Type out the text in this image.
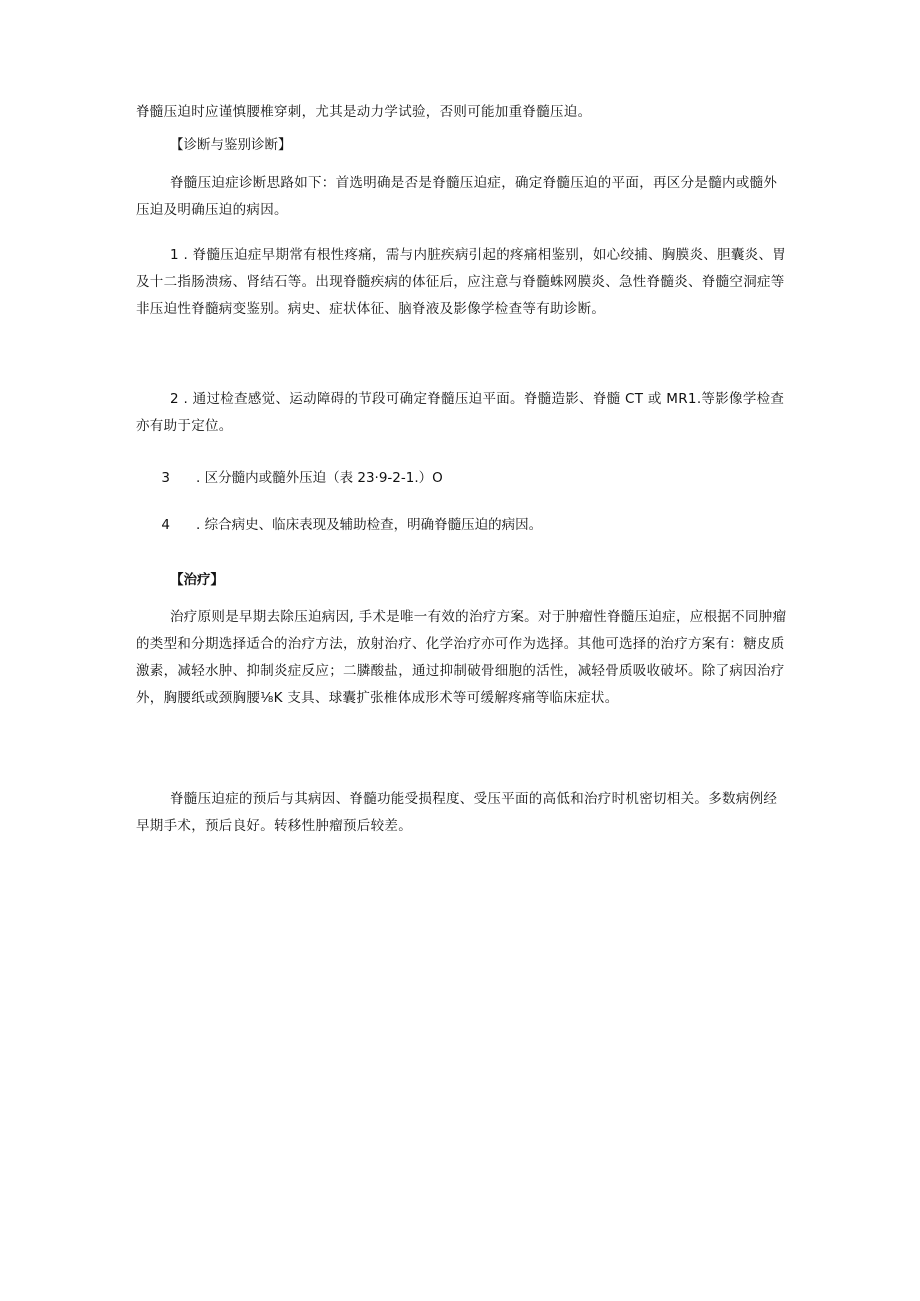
脊髓压迫时应谨慎腰椎穿刺，尤其是动力学试验，否则可能加重脊髓压迫。

【诊断与鉴别诊断】

脊髓压迫症诊断思路如下：首选明确是否是脊髓压迫症，确定脊髓压迫的平面，再区分是髓内或髓外压迫及明确压迫的病因。

1 . 脊髓压迫症早期常有根性疼痛，需与内脏疾病引起的疼痛相鉴别，如心绞捕、胸膜炎、胆囊炎、胃及十二指肠溃疡、肾结石等。出现脊髓疾病的体征后，应注意与脊髓蛛网膜炎、急性脊髓炎、脊髓空洞症等非压迫性脊髓病变鉴别。病史、症状体征、脑脊液及影像学检查等有助诊断。

2 . 通过检查感觉、运动障碍的节段可确定脊髓压迫平面。脊髓造影、脊髓 CT 或 MR1.等影像学检查亦有助于定位。

3 . 区分髓内或髓外压迫（表 23·9-2-1.）O

4 . 综合病史、临床表现及辅助检查，明确脊髓压迫的病因。

【治疗】

治疗原则是早期去除压迫病因, 手术是唯一有效的治疗方案。对于肿瘤性脊髓压迫症，应根据不同肿瘤的类型和分期选择适合的治疗方法，放射治疗、化学治疗亦可作为选择。其他可选择的治疗方案有：糖皮质激素，减轻水肿、抑制炎症反应；二膦酸盐，通过抑制破骨细胞的活性，减轻骨质吸收破坏。除了病因治疗外，胸腰纸或颈胸腰⅛K 支具、球囊扩张椎体成形术等可缓解疼痛等临床症状。

脊髓压迫症的预后与其病因、脊髓功能受损程度、受压平面的高低和治疗时机密切相关。多数病例经早期手术，预后良好。转移性肿瘤预后较差。
